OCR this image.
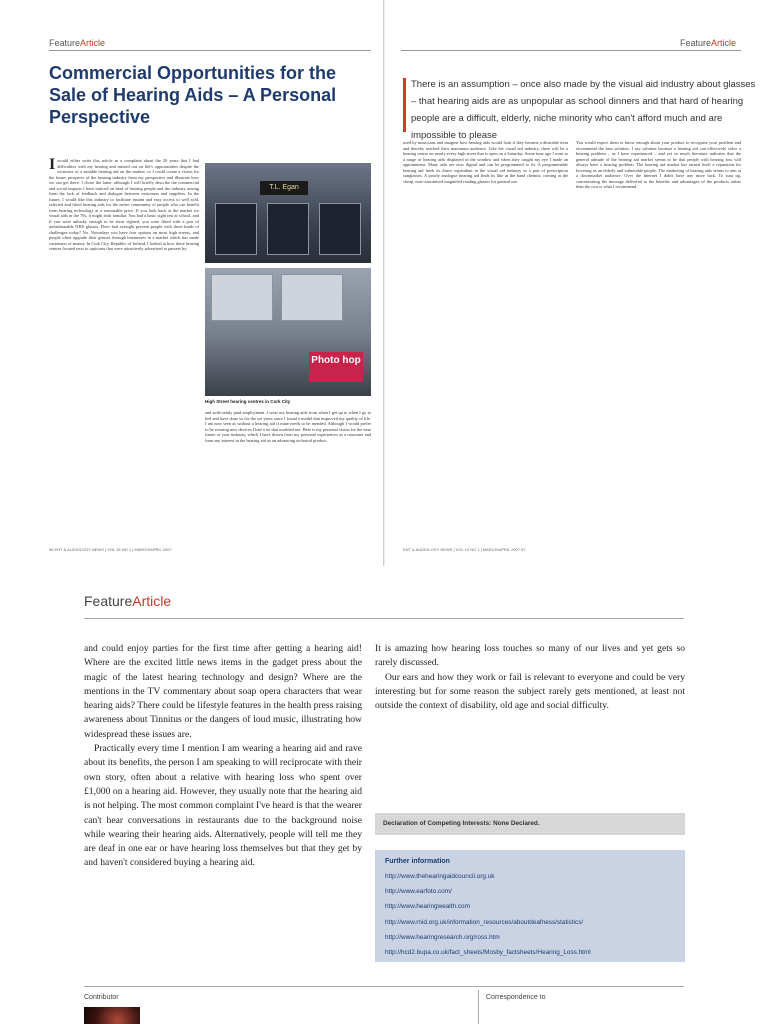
FeatureArticle
Commercial Opportunities for the Sale of Hearing Aids – A Personal Perspective
Iwould either write this article as a complaint about the 20 years that I had difficulties with my hearing and missed out on life's opportunities despite the existence of a suitable hearing aid on the market, or I could create a vision for the future prospects of the hearing industry from my perspective and illustrate how we can get there. I chose the latter, although I will briefly describe the commercial and social impacts I have noticed on hard of hearing people and the industry arising from the lack of feedback and dialogue between customers and suppliers. In the future, I would like this industry to facilitate instant and easy access to well sold, selected and fitted hearing aids for the entire community of people who can benefit from hearing technology at a reasonable price. If you look back at the market for visual aids in the 70s, it might look familiar. You had a basic sight test at school, and if you were unlucky enough to be short sighted, you were fitted with a pair of unfashionable NHS glasses. Does bad eyesight prevent people with these kinds of challenges today? No. Nowadays you have four options on most high streets, and people often upgrade their glasses through businesses in a market which has made customers of money. In Cork City, Republic of Ireland, I looked at how these hearing centres located next to opticians that were attractively advertised to passers by.
T.L. Egan
Photo hop
High Street hearing centres in Cork City
and sufficiently paid employment. I wear my hearing aids from when I get up to when I go to bed and have done so for the six years since I found a model that improved my quality of life. I am now seen as without a hearing aid if mine needs to be mended. Although I would prefer to be wearing new devices I had a lot that troubled me. Here is my personal vision for the near future of your industry, which I have drawn from my personal experiences as a customer and from my interest in the hearing aid as an advancing technical product.
56 ENT & AUDIOLOGY NEWS | VOL 15 NO 1 | MARCH/APRIL 2007
FeatureArticle
There is an assumption – once also made by the visual aid industry about glasses – that hearing aids are as unpopular as school dinners and that hard of hearing people are a difficult, elderly, niche minority who can't afford much and are impossible to please
used by musicians and imagine how hearing aids would look if they became a desirable item and thereby reached their maximum audience. Like the visual aid industry, there will be a hearing centre on nearly every high street that is open on a Saturday. Some time ago I went to a range of hearing aids displayed in the window and when they caught my eye I made an appointment. Many aids are now digital and can be programmed to fit. A programmable hearing aid finds its direct equivalent in the visual aid industry in a pair of prescription sunglasses. A poorly analogue hearing aid finds its like at the hand chemist, coming at the cheap, non-customised magnified reading glasses for general use.
You would expect them to know enough about your product to recognise your problem and recommend the best solution. I say solution because a hearing aid can effectively solve a hearing problem – as I have experienced – and yet so much literature indicates that the general attitude of the hearing aid market seems to be that people with hearing loss will always have a hearing problem. The hearing aid market has turned itself a reputation for hovering as an elderly and vulnerable people. The marketing of hearing aids seems to aim at a downmarket audience. Over the Internet I didn't have any more luck. To sum up, concentrating the message delivered to the benefits and advantages of the products rather than the cost is what I recommend.
ENT & AUDIOLOGY NEWS | VOL 15 NO 1 | MARCH/APRIL 2007 57
FeatureArticle

and could enjoy parties for the first time after getting a hearing aid! Where are the excited little news items in the gadget press about the magic of the latest hearing technology and design? Where are the mentions in the TV commentary about soap opera characters that wear hearing aids? There could be lifestyle features in the health press raising awareness about Tinnitus or the dangers of loud music, illustrating how widespread these issues are.

Practically every time I mention I am wearing a hearing aid and rave about its benefits, the person I am speaking to will reciprocate with their own story, often about a relative with hearing loss who spent over £1,000 on a hearing aid. However, they usually note that the hearing aid is not helping. The most common complaint I've heard is that the wearer can't hear conversations in restaurants due to the background noise while wearing their hearing aids. Alternatively, people will tell me they are deaf in one ear or have hearing loss themselves but that they get by and haven't considered buying a hearing aid.

It is amazing how hearing loss touches so many of our lives and yet gets so rarely discussed.

Our ears and how they work or fail is relevant to everyone and could be very interesting but for some reason the subject rarely gets mentioned, at least not outside the context of disability, old age and social difficulty.

Declaration of Competing Interests: None Declared.
Further information
http://www.thehearingaidcouncil.org.uk
http://www.earfoto.com/
http://www.hearingwealth.com
http://www.rnid.org.uk/information_resources/aboutdeafness/statistics/
http://www.hearingresearch.org/ross.htm
http://hcd2.bupa.co.uk/fact_sheets/Mosby_factsheets/Hearing_Loss.html
Contributor	Correspondence to
